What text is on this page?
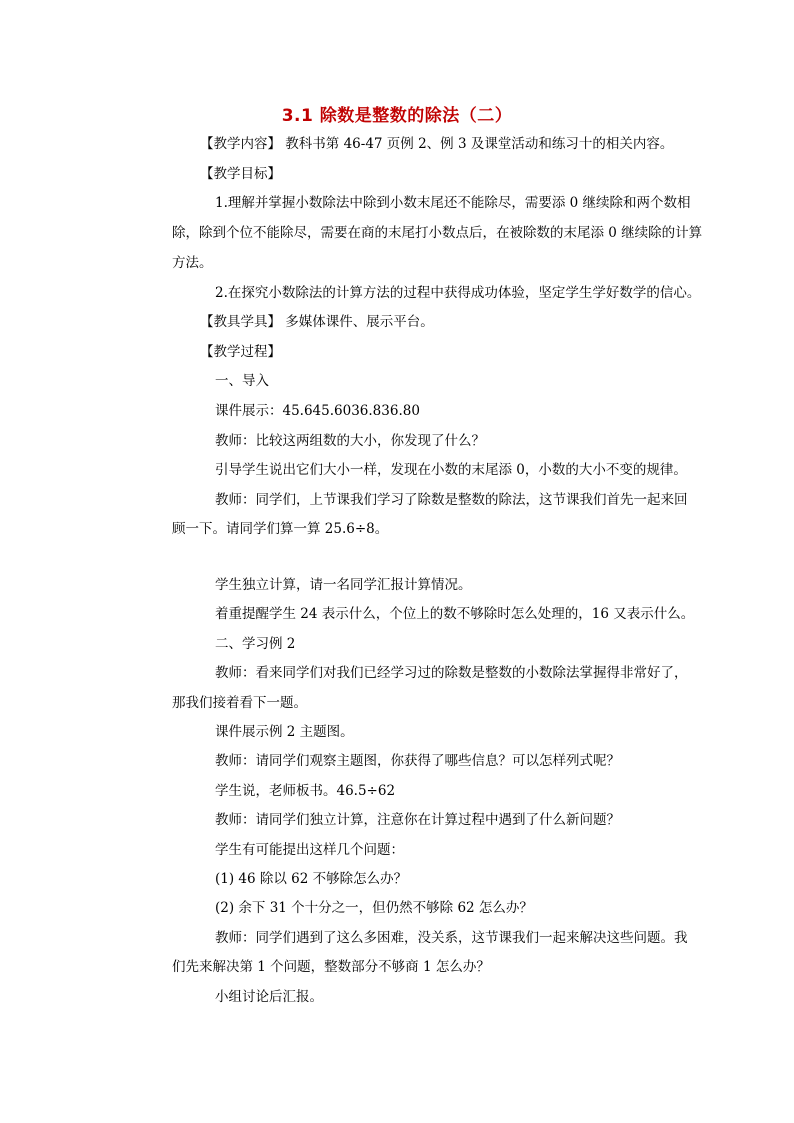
3.1 除数是整数的除法（二）
【教学内容】 教科书第 46-47 页例 2、例 3 及课堂活动和练习十的相关内容。
【教学目标】
1.理解并掌握小数除法中除到小数末尾还不能除尽，需要添 0 继续除和两个数相
除，除到个位不能除尽，需要在商的末尾打小数点后，在被除数的末尾添 0 继续除的计算
方法。
2.在探究小数除法的计算方法的过程中获得成功体验，坚定学生学好数学的信心。
【教具学具】 多媒体课件、展示平台。
【教学过程】
一、导入
课件展示：45.645.6036.836.80
教师：比较这两组数的大小，你发现了什么？
引导学生说出它们大小一样，发现在小数的末尾添 0，小数的大小不变的规律。
教师：同学们，上节课我们学习了除数是整数的除法，这节课我们首先一起来回
顾一下。请同学们算一算 25.6÷8。
学生独立计算，请一名同学汇报计算情况。
着重提醒学生 24 表示什么，个位上的数不够除时怎么处理的，16 又表示什么。
二、学习例 2
教师：看来同学们对我们已经学习过的除数是整数的小数除法掌握得非常好了，
那我们接着看下一题。
课件展示例 2 主题图。
教师：请同学们观察主题图，你获得了哪些信息？可以怎样列式呢？
学生说，老师板书。46.5÷62
教师：请同学们独立计算，注意你在计算过程中遇到了什么新问题？
学生有可能提出这样几个问题：
(1) 46 除以 62 不够除怎么办？
(2) 余下 31 个十分之一，但仍然不够除 62 怎么办？
教师：同学们遇到了这么多困难，没关系，这节课我们一起来解决这些问题。我
们先来解决第 1 个问题，整数部分不够商 1 怎么办？
小组讨论后汇报。
